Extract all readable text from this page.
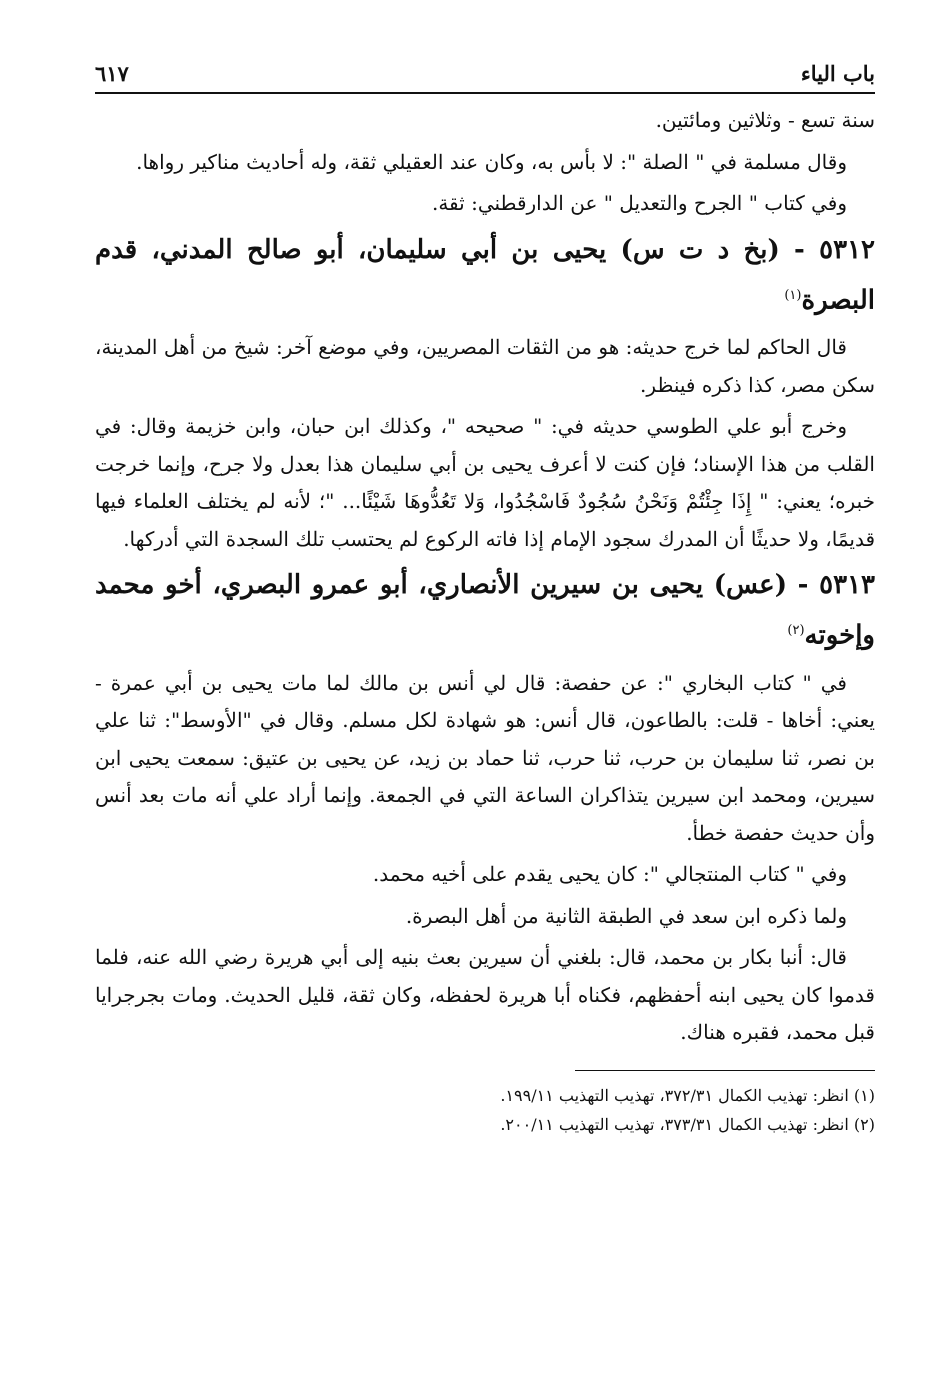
باب الياء
٦١٧

سنة تسع - وثلاثين ومائتين.

وقال مسلمة في " الصلة ": لا بأس به، وكان عند العقيلي ثقة، وله أحاديث مناكير رواها.

وفي كتاب " الجرح والتعديل " عن الدارقطني: ثقة.

٥٣١٢ - (بخ د ت س) يحيى بن أبي سليمان، أبو صالح المدني، قدم البصرة$^{(١)}$

قال الحاكم لما خرج حديثه: هو من الثقات المصريين، وفي موضع آخر: شيخ من أهل المدينة، سكن مصر، كذا ذكره فينظر.

وخرج أبو علي الطوسي حديثه في: " صحيحه "، وكذلك ابن حبان، وابن خزيمة وقال: في القلب من هذا الإسناد؛ فإن كنت لا أعرف يحيى بن أبي سليمان هذا بعدل ولا جرح، وإنما خرجت خبره؛ يعني: " إِذَا جِئْتُمْ وَنَحْنُ سُجُودٌ فَاسْجُدُوا، وَلا تَعُدُّوهَا شَيْئًا... "؛ لأنه لم يختلف العلماء فيها قديمًا، ولا حديثًا أن المدرك سجود الإمام إذا فاته الركوع لم يحتسب تلك السجدة التي أدركها.

٥٣١٣ - (عس) يحيى بن سيرين الأنصاري، أبو عمرو البصري، أخو محمد وإخوته$^{(٢)}$

في " كتاب البخاري ": عن حفصة: قال لي أنس بن مالك لما مات يحيى بن أبي عمرة - يعني: أخاها - قلت: بالطاعون، قال أنس: هو شهادة لكل مسلم. وقال في "الأوسط": ثنا علي بن نصر، ثنا سليمان بن حرب، ثنا حرب، ثنا حماد بن زيد، عن يحيى بن عتيق: سمعت يحيى ابن سيرين، ومحمد ابن سيرين يتذاكران الساعة التي في الجمعة. وإنما أراد علي أنه مات بعد أنس وأن حديث حفصة خطأ.

وفي " كتاب المنتجالي ": كان يحيى يقدم على أخيه محمد.

ولما ذكره ابن سعد في الطبقة الثانية من أهل البصرة.

قال: أنبا بكار بن محمد، قال: بلغني أن سيرين بعث بنيه إلى أبي هريرة رضي الله عنه، فلما قدموا كان يحيى ابنه أحفظهم، فكناه أبا هريرة لحفظه، وكان ثقة، قليل الحديث. ومات بجرجرايا قبل محمد، فقبره هناك.

(١) انظر: تهذيب الكمال ٣٧٢/٣١، تهذيب التهذيب ١٩٩/١١.
(٢) انظر: تهذيب الكمال ٣٧٣/٣١، تهذيب التهذيب ٢٠٠/١١.
